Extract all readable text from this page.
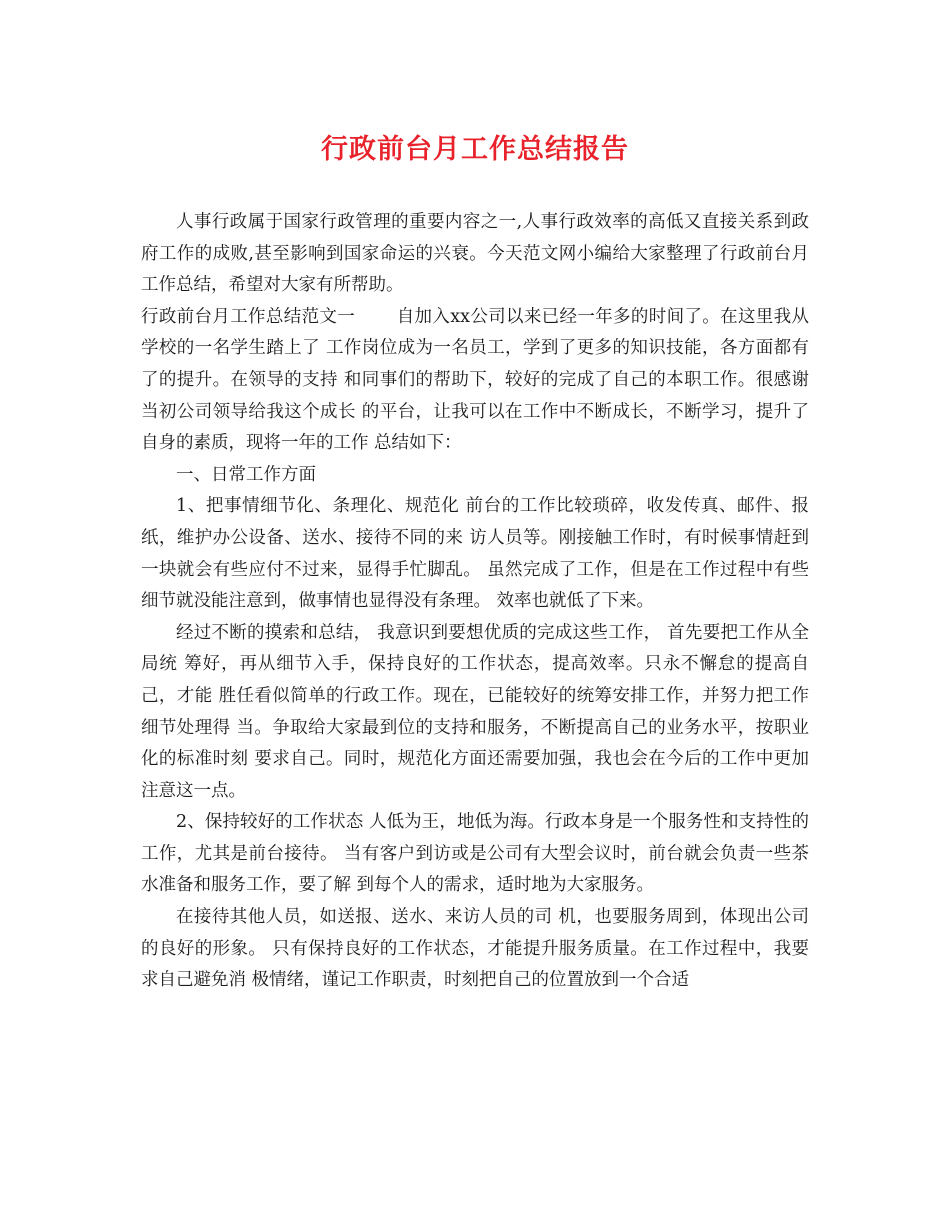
行政前台月工作总结报告

人事行政属于国家行政管理的重要内容之一,人事行政效率的高低又直接关系到政府工作的成败,甚至影响到国家命运的兴衰。今天范文网小编给大家整理了行政前台月工作总结，希望对大家有所帮助。

行政前台月工作总结范文一　　 自加入xx公司以来已经一年多的时间了。在这里我从学校的一名学生踏上了 工作岗位成为一名员工，学到了更多的知识技能，各方面都有了的提升。在领导的支持 和同事们的帮助下，较好的完成了自己的本职工作。很感谢当初公司领导给我这个成长 的平台，让我可以在工作中不断成长，不断学习，提升了自身的素质，现将一年的工作 总结如下：

一、日常工作方面

1、把事情细节化、条理化、规范化 前台的工作比较琐碎，收发传真、邮件、报纸，维护办公设备、送水、接待不同的来 访人员等。刚接触工作时，有时候事情赶到一块就会有些应付不过来，显得手忙脚乱。 虽然完成了工作，但是在工作过程中有些细节就没能注意到，做事情也显得没有条理。 效率也就低了下来。

经过不断的摸索和总结， 我意识到要想优质的完成这些工作， 首先要把工作从全局统 筹好，再从细节入手，保持良好的工作状态，提高效率。只永不懈怠的提高自己，才能 胜任看似简单的行政工作。现在，已能较好的统筹安排工作，并努力把工作细节处理得 当。争取给大家最到位的支持和服务，不断提高自己的业务水平，按职业化的标准时刻 要求自己。同时，规范化方面还需要加强，我也会在今后的工作中更加注意这一点。

2、保持较好的工作状态 人低为王，地低为海。行政本身是一个服务性和支持性的工作，尤其是前台接待。 当有客户到访或是公司有大型会议时，前台就会负责一些茶水准备和服务工作，要了解 到每个人的需求，适时地为大家服务。

在接待其他人员，如送报、送水、来访人员的司 机，也要服务周到，体现出公司的良好的形象。 只有保持良好的工作状态，才能提升服务质量。在工作过程中，我要求自己避免消 极情绪，谨记工作职责，时刻把自己的位置放到一个合适
